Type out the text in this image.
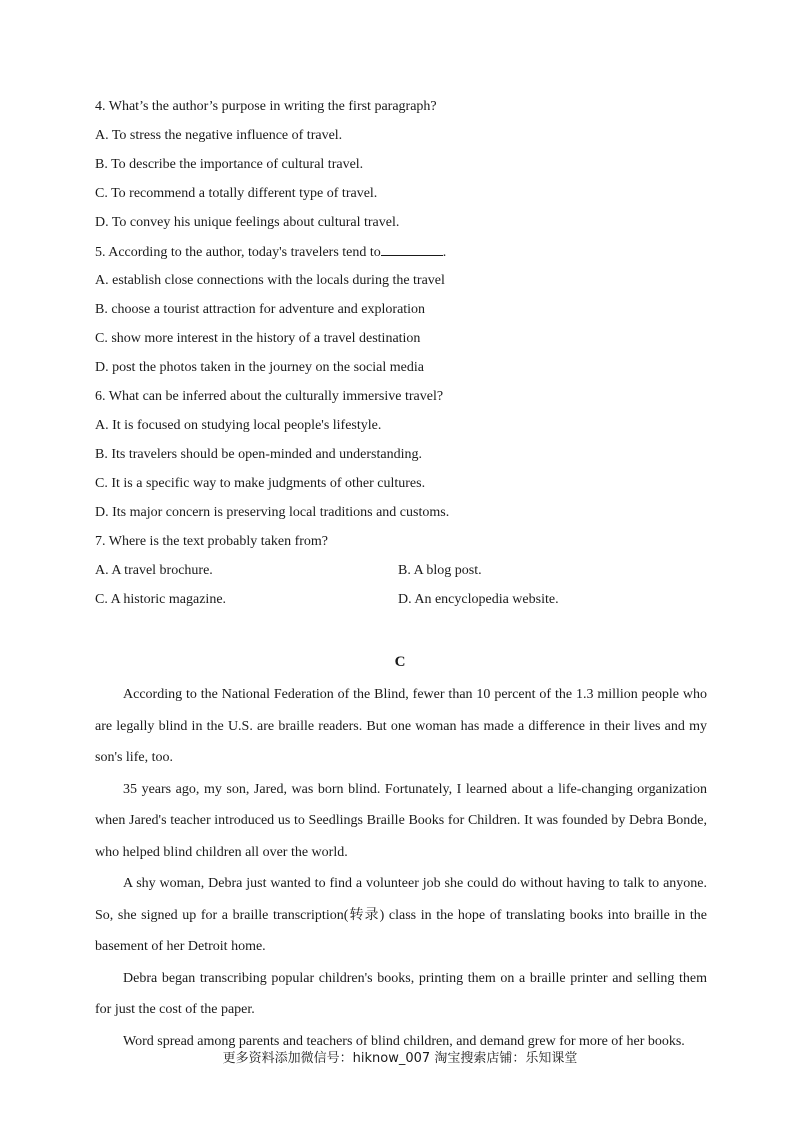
4. What’s the author’s purpose in writing the first paragraph?
A. To stress the negative influence of travel.
B. To describe the importance of cultural travel.
C. To recommend a totally different type of travel.
D. To convey his unique feelings about cultural travel.
5. According to the author, today's travelers tend to	.
A. establish close connections with the locals during the travel
B. choose a tourist attraction for adventure and exploration
C. show more interest in the history of a travel destination
D. post the photos taken in the journey on the social media
6. What can be inferred about the culturally immersive travel?
A. It is focused on studying local people's lifestyle.
B. Its travelers should be open-minded and understanding.
C. It is a specific way to make judgments of other cultures.
D. Its major concern is preserving local traditions and customs.
7. Where is the text probably taken from?
A. A travel brochure.	B. A blog post.
C. A historic magazine.	D. An encyclopedia website.
C

According to the National Federation of the Blind, fewer than 10 percent of the 1.3 million people who are legally blind in the U.S. are braille readers. But one woman has made a difference in their lives and my son's life, too.

35 years ago, my son, Jared, was born blind. Fortunately, I learned about a life-changing organization when Jared's teacher introduced us to Seedlings Braille Books for Children. It was founded by Debra Bonde, who helped blind children all over the world.

A shy woman, Debra just wanted to find a volunteer job she could do without having to talk to anyone. So, she signed up for a braille transcription(转录) class in the hope of translating books into braille in the basement of her Detroit home.

Debra began transcribing popular children's books, printing them on a braille printer and selling them for just the cost of the paper.

Word spread among parents and teachers of blind children, and demand grew for more of her books.

更多资料添加微信号：hiknow_007 淘宝搜索店铺：乐知课堂
